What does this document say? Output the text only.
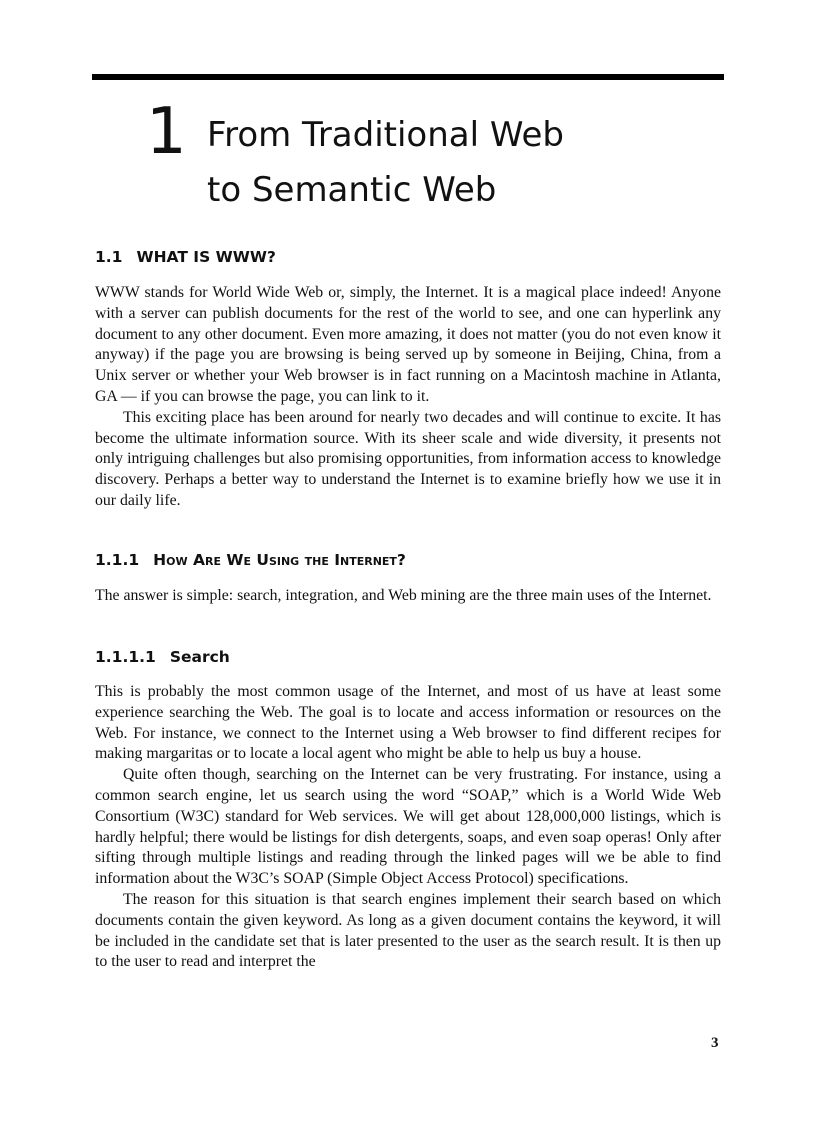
1 From Traditional Web
to Semantic Web
1.1 WHAT IS WWW?

WWW stands for World Wide Web or, simply, the Internet. It is a magical place indeed! Anyone with a server can publish documents for the rest of the world to see, and one can hyperlink any document to any other document. Even more amazing, it does not matter (you do not even know it anyway) if the page you are browsing is being served up by someone in Beijing, China, from a Unix server or whether your Web browser is in fact running on a Macintosh machine in Atlanta, GA — if you can browse the page, you can link to it.

This exciting place has been around for nearly two decades and will continue to excite. It has become the ultimate information source. With its sheer scale and wide diversity, it presents not only intriguing challenges but also promising opportunities, from information access to knowledge discovery. Perhaps a better way to understand the Internet is to examine briefly how we use it in our daily life.

1.1.1 How Are We Using the Internet?

The answer is simple: search, integration, and Web mining are the three main uses of the Internet.

1.1.1.1 Search

This is probably the most common usage of the Internet, and most of us have at least some experience searching the Web. The goal is to locate and access information or resources on the Web. For instance, we connect to the Internet using a Web browser to find different recipes for making margaritas or to locate a local agent who might be able to help us buy a house.

Quite often though, searching on the Internet can be very frustrating. For instance, using a common search engine, let us search using the word “SOAP,” which is a World Wide Web Consortium (W3C) standard for Web services. We will get about 128,000,000 listings, which is hardly helpful; there would be listings for dish detergents, soaps, and even soap operas! Only after sifting through multiple listings and reading through the linked pages will we be able to find information about the W3C’s SOAP (Simple Object Access Protocol) specifications.

The reason for this situation is that search engines implement their search based on which documents contain the given keyword. As long as a given document contains the keyword, it will be included in the candidate set that is later presented to the user as the search result. It is then up to the user to read and interpret the

3
